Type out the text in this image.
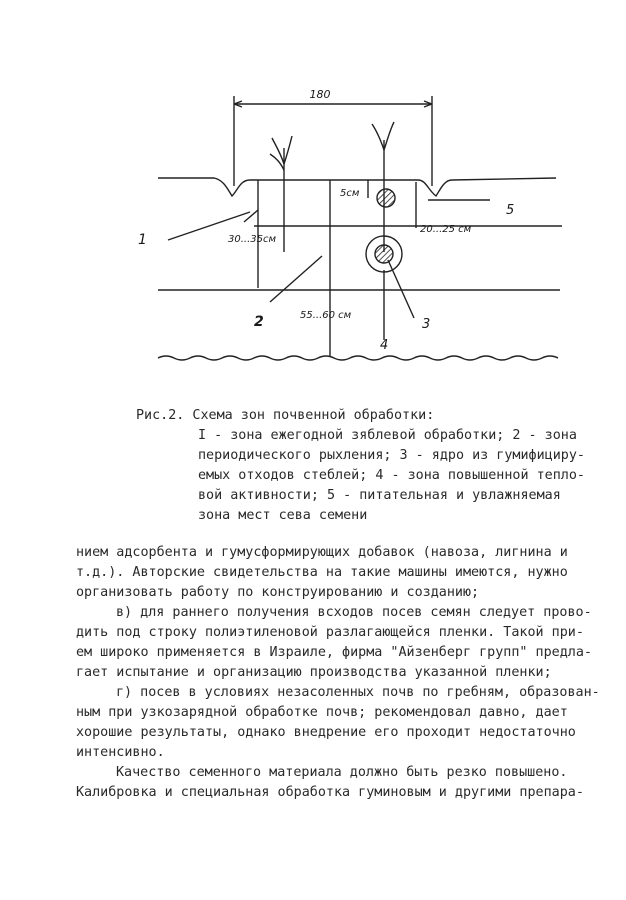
180
1
2	3
4
5
30...35см
55...60 см
5см
20...25 см
Рис.2. Схема зон почвенной обработки:
I - зона ежегодной зяблевой обработки; 2 - зона
периодического рыхления; 3 - ядро из гумифициру-
емых отходов стеблей; 4 - зона повышенной тепло-
вой активности; 5 - питательная и увлажняемая
зона мест сева семени
нием адсорбента и гумусформирующих добавок (навоза, лигнина и
т.д.). Авторские свидетельства на такие машины имеются, нужно
организовать работу по конструированию и созданию;
в) для раннего получения всходов посев семян следует прово-
дить под строку полиэтиленовой разлагающейся пленки. Такой при-
ем широко применяется в Израиле, фирма "Айзенберг групп" предла-
гает испытание и организацию производства указанной пленки;
г) посев в условиях незасоленных почв по гребням, образован-
ным при узкозарядной обработке почв; рекомендовал давно, дает
хорошие результаты, однако внедрение его проходит недостаточно
интенсивно.
Качество семенного материала должно быть резко повышено.
Калибровка и специальная обработка гуминовым и другими препара-
